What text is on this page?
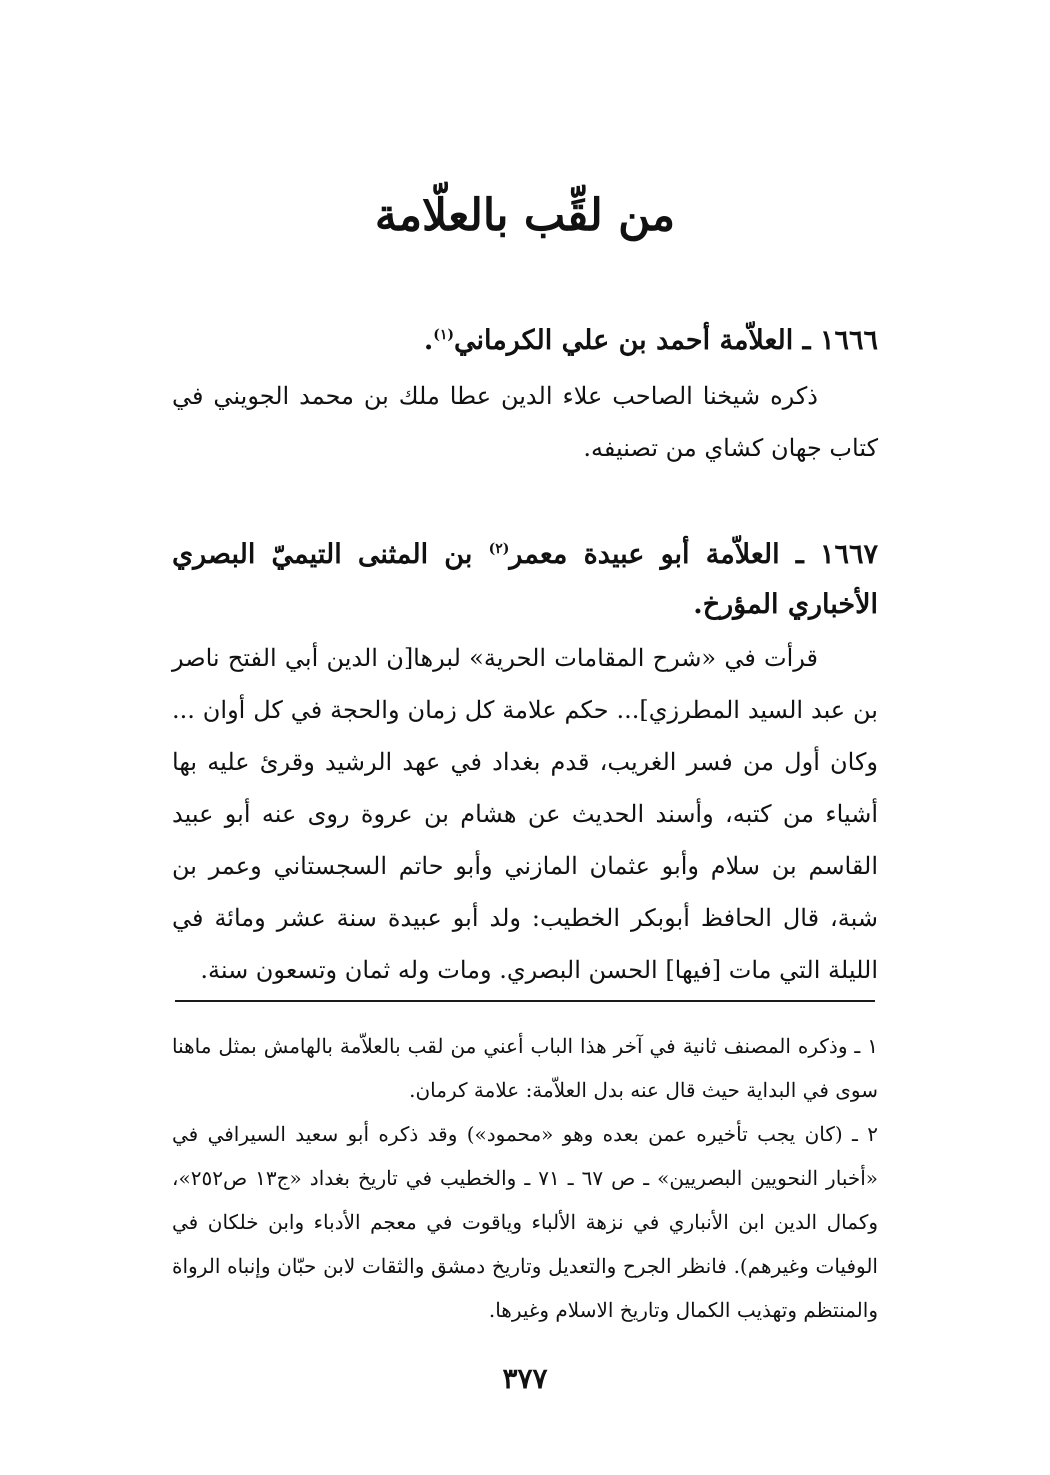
من لقِّب بالعلّامة

١٦٦٦ ـ العلاّمة أحمد بن علي الكرماني$^{(١)}$.

ذكره شيخنا الصاحب علاء الدين عطا ملك بن محمد الجويني في كتاب جهان كشاي من تصنيفه.

١٦٦٧ ـ العلاّمة أبو عبيدة معمر$^{(٢)}$ بن المثنى التيميّ البصري الأخباري المؤرخ.

قرأت في «شرح المقامات الحرية» لبرها[ن الدين أبي الفتح ناصر بن عبد السيد المطرزي]... حكم علامة كل زمان والحجة في كل أوان ... وكان أول من فسر الغريب، قدم بغداد في عهد الرشيد وقرئ عليه بها أشياء من كتبه، وأسند الحديث عن هشام بن عروة روى عنه أبو عبيد القاسم بن سلام وأبو عثمان المازني وأبو حاتم السجستاني وعمر بن شبة، قال الحافظ أبوبكر الخطيب: ولد أبو عبيدة سنة عشر ومائة في الليلة التي مات [فيها] الحسن البصري. ومات وله ثمان وتسعون سنة.

١ ـ وذكره المصنف ثانية في آخر هذا الباب أعني من لقب بالعلاّمة بالهامش بمثل ماهنا سوى في البداية حيث قال عنه بدل العلاّمة: علامة كرمان.

٢ ـ (كان يجب تأخيره عمن بعده وهو «محمود») وقد ذكره أبو سعيد السيرافي في «أخبار النحويين البصريين» ـ ص ٦٧ ـ ٧١ ـ والخطيب في تاريخ بغداد «ج١٣ ص٢٥٢»، وكمال الدين ابن الأنباري في نزهة الألباء وياقوت في معجم الأدباء وابن خلكان في الوفيات وغيرهم). فانظر الجرح والتعديل وتاريخ دمشق والثقات لابن حبّان وإنباه الرواة والمنتظم وتهذيب الكمال وتاريخ الاسلام وغيرها.

٣٧٧
